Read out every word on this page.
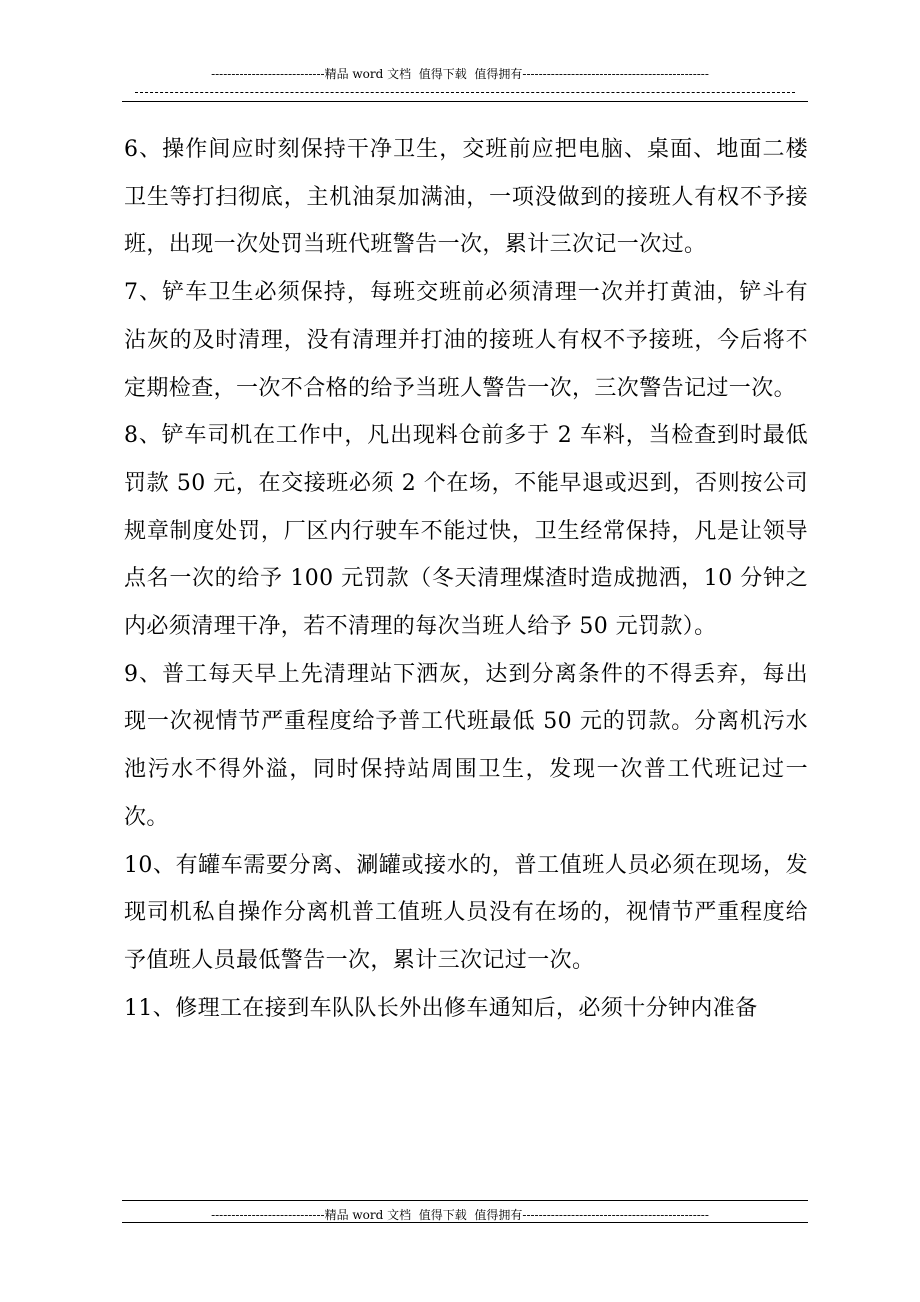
----------------------------精品 word 文档  值得下载  值得拥有----------------------------------------------

6、操作间应时刻保持干净卫生，交班前应把电脑、桌面、地面二楼卫生等打扫彻底，主机油泵加满油，一项没做到的接班人有权不予接班，出现一次处罚当班代班警告一次，累计三次记一次过。

7、铲车卫生必须保持，每班交班前必须清理一次并打黄油，铲斗有沾灰的及时清理，没有清理并打油的接班人有权不予接班，今后将不定期检查，一次不合格的给予当班人警告一次，三次警告记过一次。

8、铲车司机在工作中，凡出现料仓前多于 2 车料，当检查到时最低罚款 50 元，在交接班必须 2 个在场，不能早退或迟到，否则按公司规章制度处罚，厂区内行驶车不能过快，卫生经常保持，凡是让领导点名一次的给予 100 元罚款（冬天清理煤渣时造成抛洒，10 分钟之内必须清理干净，若不清理的每次当班人给予 50 元罚款）。

9、普工每天早上先清理站下洒灰，达到分离条件的不得丢弃，每出现一次视情节严重程度给予普工代班最低 50 元的罚款。分离机污水池污水不得外溢，同时保持站周围卫生，发现一次普工代班记过一次。

10、有罐车需要分离、涮罐或接水的，普工值班人员必须在现场，发现司机私自操作分离机普工值班人员没有在场的，视情节严重程度给予值班人员最低警告一次，累计三次记过一次。

11、修理工在接到车队队长外出修车通知后，必须十分钟内准备

----------------------------精品 word 文档  值得下载  值得拥有----------------------------------------------
